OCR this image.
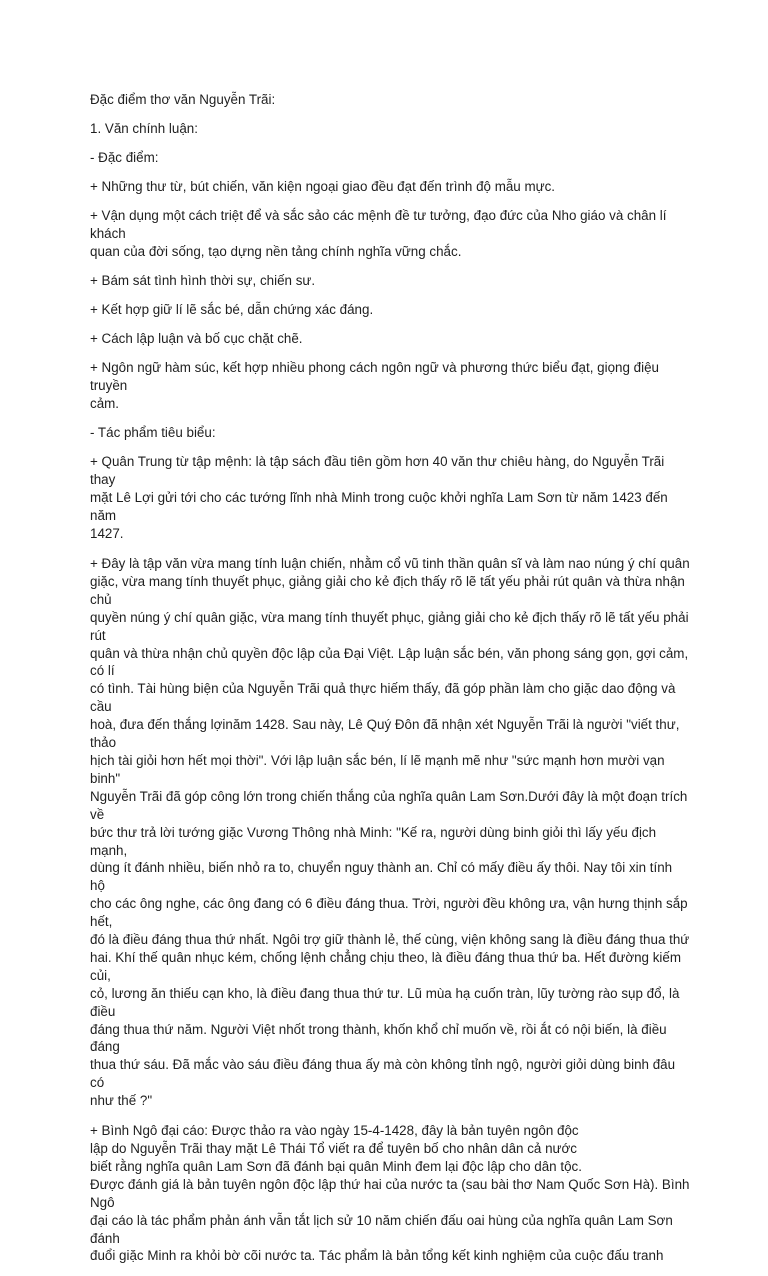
Đặc điểm thơ văn Nguyễn Trãi:

1. Văn chính luận:

- Đặc điểm:

+ Những thư từ, bút chiến, văn kiện ngoại giao đều đạt đến trình độ mẫu mực.

+ Vận dụng một cách triệt để và sắc sảo các mệnh đề tư tưởng, đạo đức của Nho giáo và chân lí khách
quan của đời sống, tạo dựng nền tảng chính nghĩa vững chắc.

+ Bám sát tình hình thời sự, chiến sư.

+ Kết hợp giữ lí lẽ sắc bé, dẫn chứng xác đáng.

+ Cách lập luận và bố cục chặt chẽ.

+ Ngôn ngữ hàm súc, kết hợp nhiều phong cách ngôn ngữ và phương thức biểu đạt, giọng điệu truyền
cảm.

- Tác phẩm tiêu biểu:

+ Quân Trung từ tập mệnh: là tập sách đầu tiên gồm hơn 40 văn thư chiêu hàng, do Nguyễn Trãi thay
mặt Lê Lợi gửi tới cho các tướng lĩnh nhà Minh trong cuộc khởi nghĩa Lam Sơn từ năm 1423 đến năm
1427.

+ Đây là tập văn vừa mang tính luận chiến, nhằm cổ vũ tinh thần quân sĩ và làm nao núng ý chí quân
giặc, vừa mang tính thuyết phục, giảng giải cho kẻ địch thấy rõ lẽ tất yếu phải rút quân và thừa nhận chủ
quyền núng ý chí quân giặc, vừa mang tính thuyết phục, giảng giải cho kẻ địch thấy rõ lẽ tất yếu phải rút
quân và thừa nhận chủ quyền độc lập của Đại Việt. Lập luận sắc bén, văn phong sáng gọn, gợi cảm, có lí
có tình. Tài hùng biện của Nguyễn Trãi quả thực hiếm thấy, đã góp phần làm cho giặc dao động và cầu
hoà, đưa đến thắng lợinăm 1428. Sau này, Lê Quý Đôn đã nhận xét Nguyễn Trãi là người "viết thư, thảo
hịch tài giỏi hơn hết mọi thời". Với lập luận sắc bén, lí lẽ mạnh mẽ như "sức mạnh hơn mười vạn binh"
Nguyễn Trãi đã góp công lớn trong chiến thắng của nghĩa quân Lam Sơn.Dưới đây là một đoạn trích về
bức thư trả lời tướng giặc Vương Thông nhà Minh: "Kế ra, người dùng binh giỏi thì lấy yếu địch mạnh,
dùng ít đánh nhiều, biến nhỏ ra to, chuyển nguy thành an. Chỉ có mấy điều ấy thôi. Nay tôi xin tính hộ
cho các ông nghe, các ông đang có 6 điều đáng thua. Trời, người đều không ưa, vận hưng thịnh sắp hết,
đó là điều đáng thua thứ nhất. Ngôi trợ giữ thành lẻ, thế cùng, viện không sang là điều đáng thua thứ
hai. Khí thế quân nhục kém, chống lệnh chẳng chịu theo, là điều đáng thua thứ ba. Hết đường kiếm củi,
cỏ, lương ăn thiếu cạn kho, là điều đang thua thứ tư. Lũ mùa hạ cuốn tràn, lũy tường rào sụp đổ, là điều
đáng thua thứ năm. Người Việt nhốt trong thành, khốn khổ chỉ muốn về, rồi ắt có nội biến, là điều đáng
thua thứ sáu. Đã mắc vào sáu điều đáng thua ấy mà còn không tỉnh ngộ, người giỏi dùng binh đâu có
như thế ?"

+ Bình Ngô đại cáo: Được thảo ra vào ngày 15-4-1428, đây là bản tuyên ngôn độc
lập do Nguyễn Trãi thay mặt Lê Thái Tổ viết ra để tuyên bố cho nhân dân cả nước
biết rằng nghĩa quân Lam Sơn đã đánh bại quân Minh đem lại độc lập cho dân tộc.
Được đánh giá là bản tuyên ngôn độc lập thứ hai của nước ta (sau bài thơ Nam Quốc Sơn Hà). Bình Ngô
đại cáo là tác phẩm phản ánh vẫn tắt lịch sử 10 năm chiến đấu oai hùng của nghĩa quân Lam Sơn đánh
đuổi giặc Minh ra khỏi bờ cõi nước ta. Tác phẩm là bản tổng kết kinh nghiệm của cuộc đấu tranh
